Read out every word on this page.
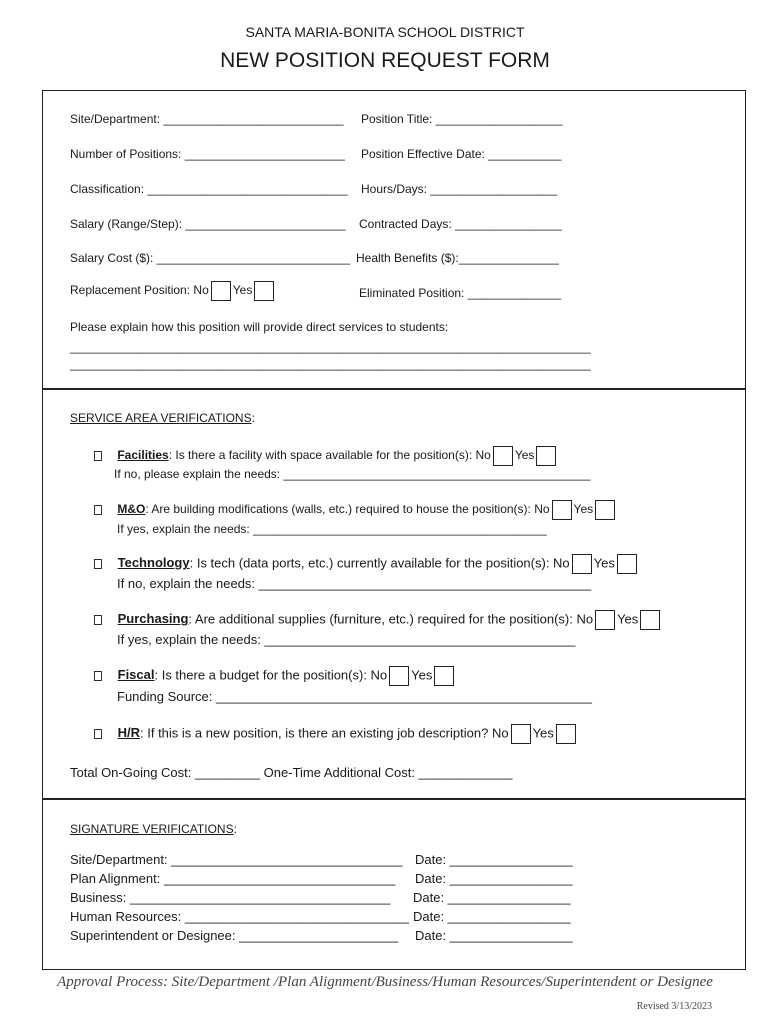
SANTA MARIA-BONITA SCHOOL DISTRICT
NEW POSITION REQUEST FORM
Site/Department: ___________________________ Position Title: ___________________
Number of Positions: ________________________ Position Effective Date: ___________
Classification: ______________________________ Hours/Days: ___________________
Salary (Range/Step): ________________________ Contracted Days: ________________
Salary Cost ($): _____________________________ Health Benefits ($):_______________
Replacement Position: No Yes	Eliminated Position: ______________
Please explain how this position will provide direct services to students:
______________________________________________________________________________
______________________________________________________________________________
SERVICE AREA VERIFICATIONS:
Facilities: Is there a facility with space available for the position(s): No Yes
If no, please explain the needs: ______________________________________________
M&O: Are building modifications (walls, etc.) required to house the position(s): No Yes
If yes, explain the needs: ____________________________________________
Technology: Is tech (data ports, etc.) currently available for the position(s): No Yes
If no, explain the needs: ______________________________________________
Purchasing: Are additional supplies (furniture, etc.) required for the position(s): No Yes
If yes, explain the needs: ___________________________________________
Fiscal: Is there a budget for the position(s): No Yes
Funding Source: ____________________________________________________
H/R: If this is a new position, is there an existing job description? No Yes
Total On-Going Cost: _________ One-Time Additional Cost: _____________
SIGNATURE VERIFICATIONS:
Site/Department: ________________________________ Date: _________________
Plan Alignment: ________________________________ Date: _________________
Business: ____________________________________ Date: _________________
Human Resources: _______________________________ Date: _________________
Superintendent or Designee: ______________________ Date: _________________
Approval Process: Site/Department /Plan Alignment/Business/Human Resources/Superintendent or Designee
Revised 3/13/2023
